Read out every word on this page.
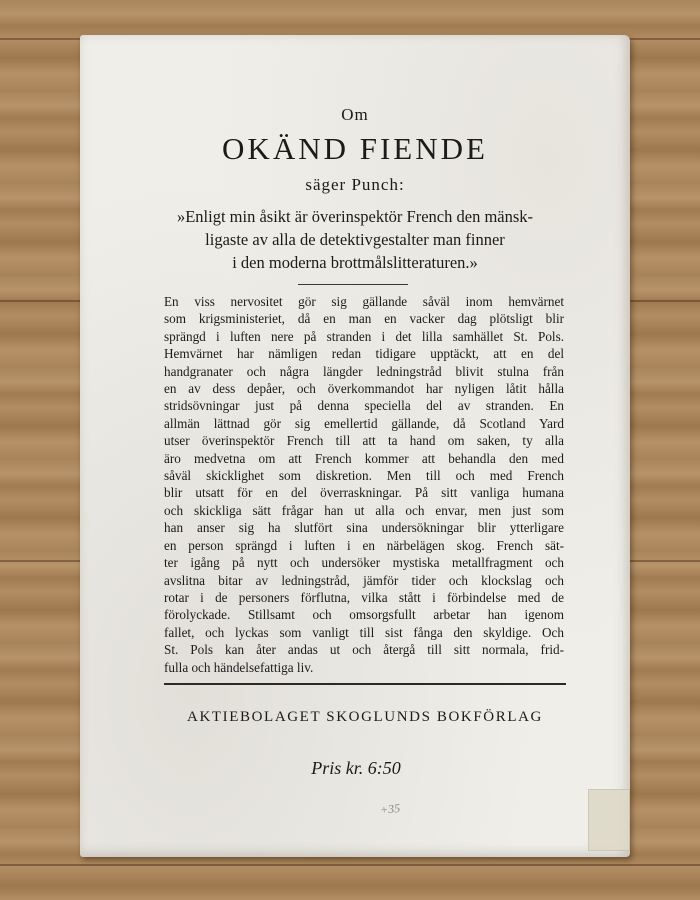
Om
OKÄND FIENDE
säger Punch:
»Enligt min åsikt är överinspektör French den mänsk-
ligaste av alla de detektivgestalter man finner
i den moderna brottmålslitteraturen.»
En viss nervositet gör sig gällande såväl inom hemvärnet
som krigsministeriet, då en man en vacker dag plötsligt blir
sprängd i luften nere på stranden i det lilla samhället St. Pols.
Hemvärnet har nämligen redan tidigare upptäckt, att en del
handgranater och några längder ledningstråd blivit stulna från
en av dess depåer, och överkommandot har nyligen låtit hålla
stridsövningar just på denna speciella del av stranden. En
allmän lättnad gör sig emellertid gällande, då Scotland Yard
utser överinspektör French till att ta hand om saken, ty alla
äro medvetna om att French kommer att behandla den med
såväl skicklighet som diskretion. Men till och med French
blir utsatt för en del överraskningar. På sitt vanliga humana
och skickliga sätt frågar han ut alla och envar, men just som
han anser sig ha slutfört sina undersökningar blir ytterligare
en person sprängd i luften i en närbelägen skog. French sät-
ter igång på nytt och undersöker mystiska metallfragment och
avslitna bitar av ledningstråd, jämför tider och klockslag och
rotar i de personers förflutna, vilka stått i förbindelse med de
förolyckade. Stillsamt och omsorgsfullt arbetar han igenom
fallet, och lyckas som vanligt till sist fånga den skyldige. Och
St. Pols kan åter andas ut och återgå till sitt normala, frid-
fulla och händelsefattiga liv.
AKTIEBOLAGET SKOGLUNDS BOKFÖRLAG
Pris kr. 6:50
+35
